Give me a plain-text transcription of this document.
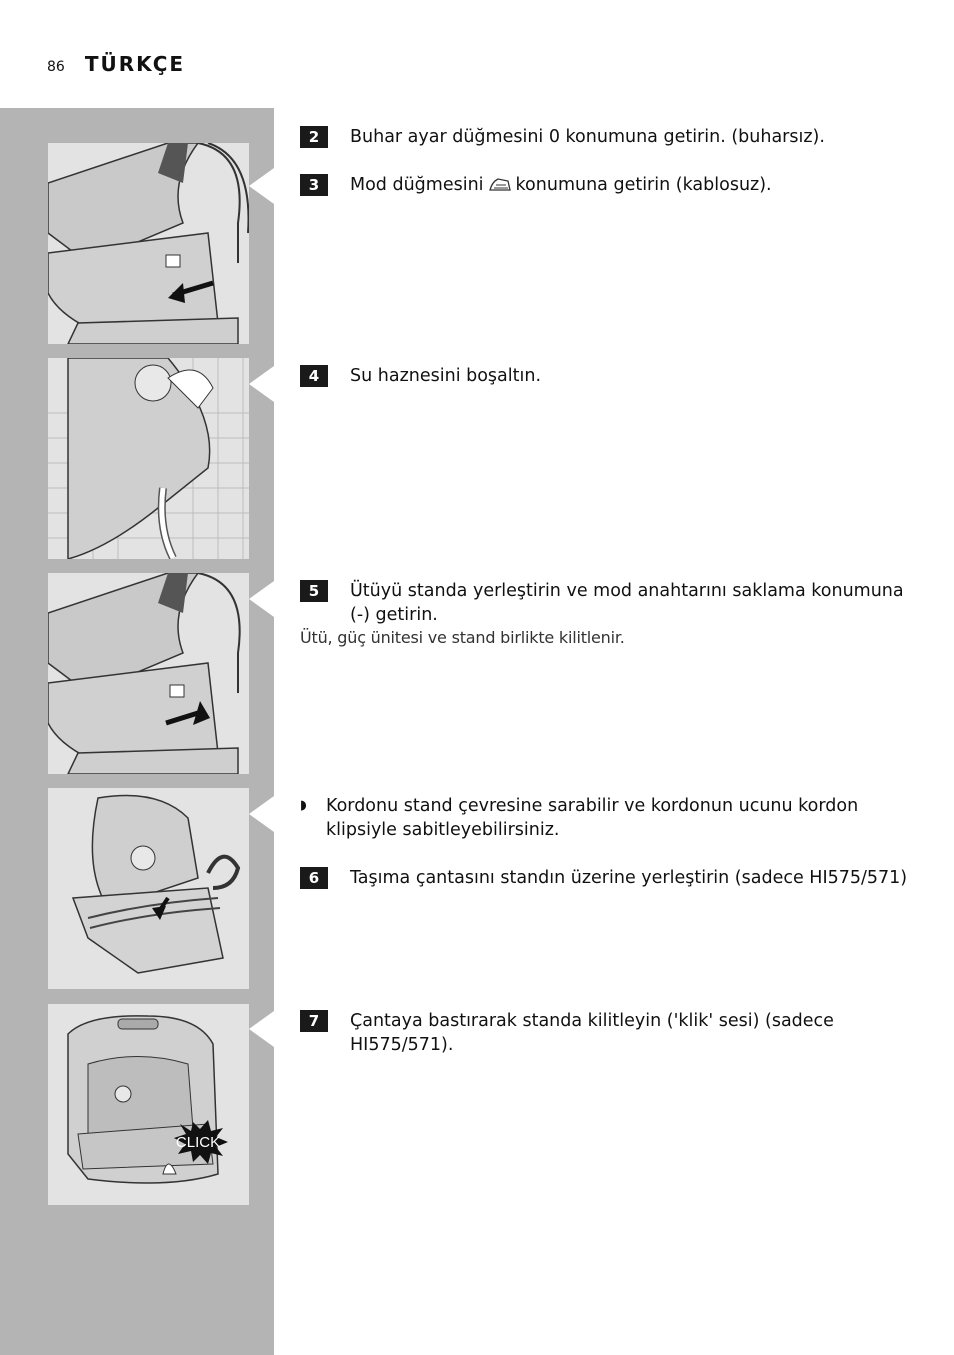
86 TÜRKÇE
CLICK
2	Buhar ayar düğmesini 0 konumuna getirin. (buharsız).
3	Mod düğmesini konumuna getirin (kablosuz).
4	Su haznesini boşaltın.
5	Ütüyü standa yerleştirin ve mod anahtarını saklama konumuna (-) getirin.
Ütü, güç ünitesi ve stand birlikte kilitlenir.
◗	Kordonu stand çevresine sarabilir ve kordonun ucunu kordon klipsiyle sabitleyebilirsiniz.
6	Taşıma çantasını standın üzerine yerleştirin (sadece HI575/571)
7	Çantaya bastırarak standa kilitleyin ('klik' sesi) (sadece HI575/571).
